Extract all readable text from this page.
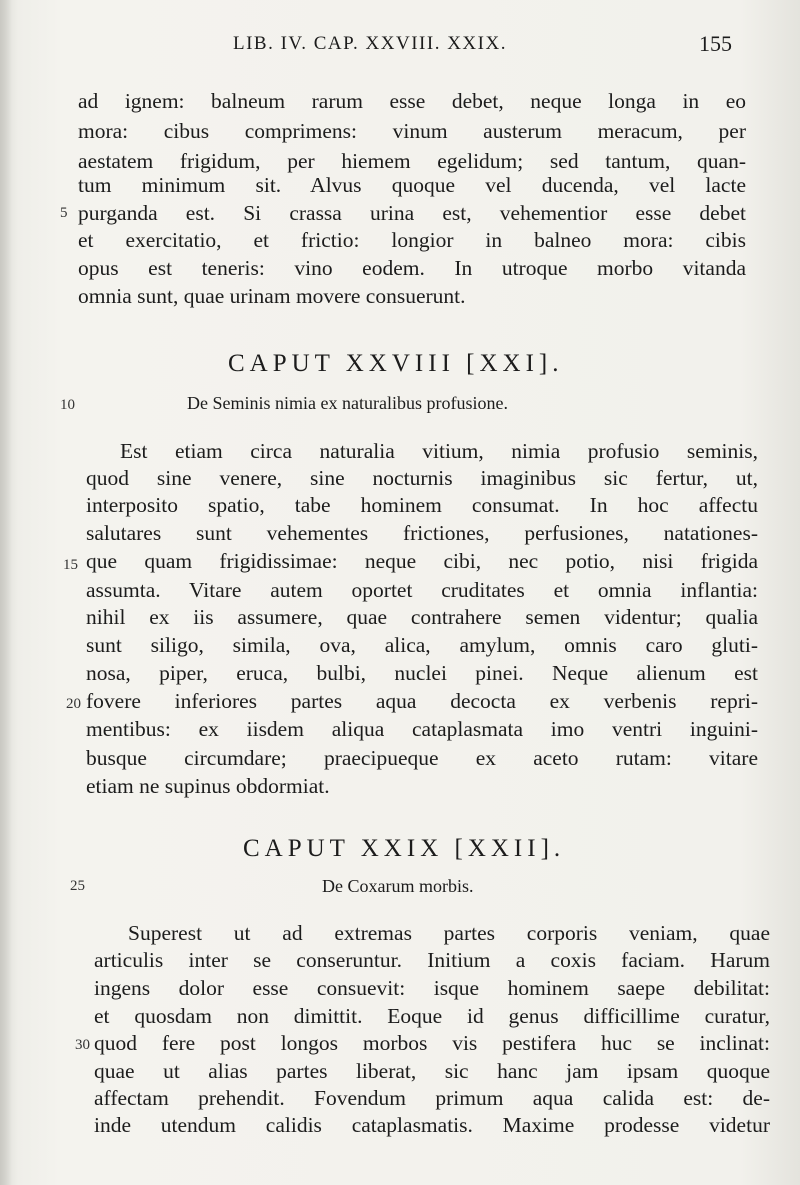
LIB. IV. CAP. XXVIII. XXIX.	155
ad ignem: balneum rarum esse debet, neque longa in eo
mora: cibus comprimens: vinum austerum meracum, per
aestatem frigidum, per hiemem egelidum; sed tantum, quan-
tum minimum sit. Alvus quoque vel ducenda, vel lacte
purganda est. Si crassa urina est, vehementior esse debet
et exercitatio, et frictio: longior in balneo mora: cibis
opus est teneris: vino eodem. In utroque morbo vitanda
omnia sunt, quae urinam movere consuerunt.
5
CAPUT XXVIII [XXI].
10	De Seminis nimia ex naturalibus profusione.
Est etiam circa naturalia vitium, nimia profusio seminis,
quod sine venere, sine nocturnis imaginibus sic fertur, ut,
interposito spatio, tabe hominem consumat. In hoc affectu
salutares sunt vehementes frictiones, perfusiones, natationes-
que quam frigidissimae: neque cibi, nec potio, nisi frigida
assumta. Vitare autem oportet cruditates et omnia inflantia:
nihil ex iis assumere, quae contrahere semen videntur; qualia
sunt siligo, simila, ova, alica, amylum, omnis caro gluti-
nosa, piper, eruca, bulbi, nuclei pinei. Neque alienum est
fovere inferiores partes aqua decocta ex verbenis repri-
mentibus: ex iisdem aliqua cataplasmata imo ventri inguini-
busque circumdare; praecipueque ex aceto rutam: vitare
etiam ne supinus obdormiat.
15
20
CAPUT XXIX [XXII].
25	De Coxarum morbis.
Superest ut ad extremas partes corporis veniam, quae
articulis inter se conseruntur. Initium a coxis faciam. Harum
ingens dolor esse consuevit: isque hominem saepe debilitat:
et quosdam non dimittit. Eoque id genus difficillime curatur,
quod fere post longos morbos vis pestifera huc se inclinat:
quae ut alias partes liberat, sic hanc jam ipsam quoque
affectam prehendit. Fovendum primum aqua calida est: de-
inde utendum calidis cataplasmatis. Maxime prodesse videtur
30
